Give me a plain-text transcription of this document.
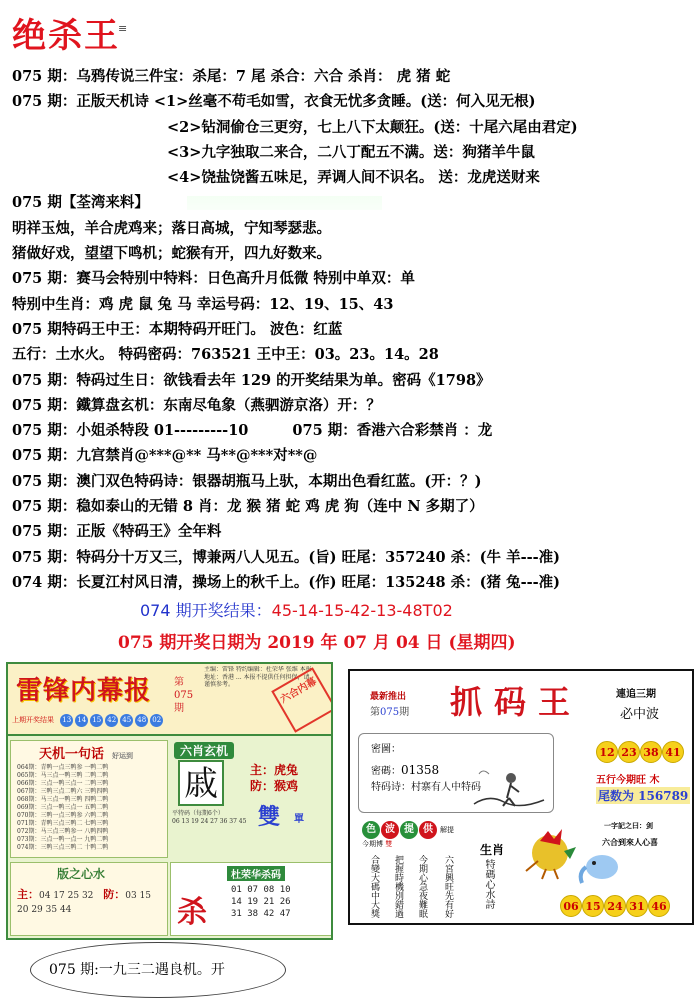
绝杀王
≡
075 期：乌鸦传说三件宝：杀尾：7 尾 杀合：六合 杀肖： 虎 猪 蛇
075 期：正版天机诗 <1>丝毫不苟毛如雪，衣食无忧多贪睡。(送：何入见无根)
<2>钻洞偷仓三更穷，七上八下太颠狂。(送：十尾六尾由君定)
<3>九字独取二来合，二八丁配五不满。送：狗猪羊牛鼠
<4>饶盐饶酱五味足，弄调人间不识名。 送：龙虎送财来
075 期【荃湾来料】
明祥玉烛，羊合虎鸡来；落日高城，宁知琴瑟悲。
猪做好戏，望望下鸣机；蛇猴有开，四九好数来。
075 期：赛马会特别中特料：日色高升月低微 特别中单双：单
特别中生肖：鸡 虎 鼠 兔 马 幸运号码：12、19、15、43
075 期特码王中王：本期特码开旺门。 波色：红蓝
五行：土水火。 特码密码：763521 王中王：03。23。14。28
075 期：特码过生日：欲钱看去年 129 的开奖结果为单。密码《1798》
075 期：鐵算盘玄机：东南尽龟象（燕驷游京洛）开：？
075 期：小姐杀特段 01---------10	075 期：香港六合彩禁肖 ：龙
075 期：九宫禁肖@***@** 马**@***对**@
075 期：澳门双色特码诗：银器胡瓶马上驮，本期出色看红蓝。(开：？)
075 期：稳如泰山的无错 8 肖：龙 猴 猪 蛇 鸡 虎 狗（连中 N 多期了）
075 期：正版《特码王》全年料
075 期：特码分十万又三，博兼两八人见五。(旨) 旺尾：357240 杀：(牛 羊---准)
074 期：长夏江村风日清，操场上的秋千上。(作) 旺尾：135248 杀：(猪 兔---准)
074 期开奖结果：45-14-15-42-13-48T02
075 期开奖日期为 2019 年 07 月 04 日 (星期四)
雷锋内幕报 第 075 期
主编：雷锋 特约编辑：杜荣华 张维 本报地址：香港 ... 本报不提供任何担保，请谨慎参考。	六合内幕
上期开奖结果 13 14 15 42 45 48 02
天机一句话 好运到
064期：青鸭一点三鸭参 一鸭二鸭
065期：马三点一鸭三鸭 二鸭二鸭
066期：三点一鸭三点一 二鸭三鸭
067期：三鸭三点二鸭六 三鸭四鸭
068期：马三点一鸭三鸭 四鸭二鸭
069期：三点一鸭三点一 五鸭二鸭
070期：三鸭一点三鸭参 六鸭二鸭
071期：青鸭三点三鸭二 七鸭三鸭
072期：马三点三鸭参一 八鸭四鸭
073期：三点一鸭一点一 九鸭二鸭
074期：三鸭三点三鸭二 十鸭二鸭
六肖玄机
戚	主：虎兔
防：猴鸡
雙 單
平特码（每期6个）
06 13 19 24 27 36 37 45
版之心水
主：04 17 25 32 防：03 15 20 29 35 44
杜荣华杀码
杀
01 07 08 10
14 19 21 26
31 38 42 47
最新推出
第075期 抓码王	連追三期
必中波
密圖：
密碼：01358
特码诗：村寨有人中特码
12 23 38 41
五行今期旺 木
尾数为 156789
色 波 提 供 解提
今期博 雙
合變大碼中大獎 把握時機別錯過 今期心急夜難眠 六宮興旺先有好
生肖
特碼心水詩
一字記之曰：剑
六合到來人心喜
06 15 24 31 46
075 期:一九三二遇良机。开
